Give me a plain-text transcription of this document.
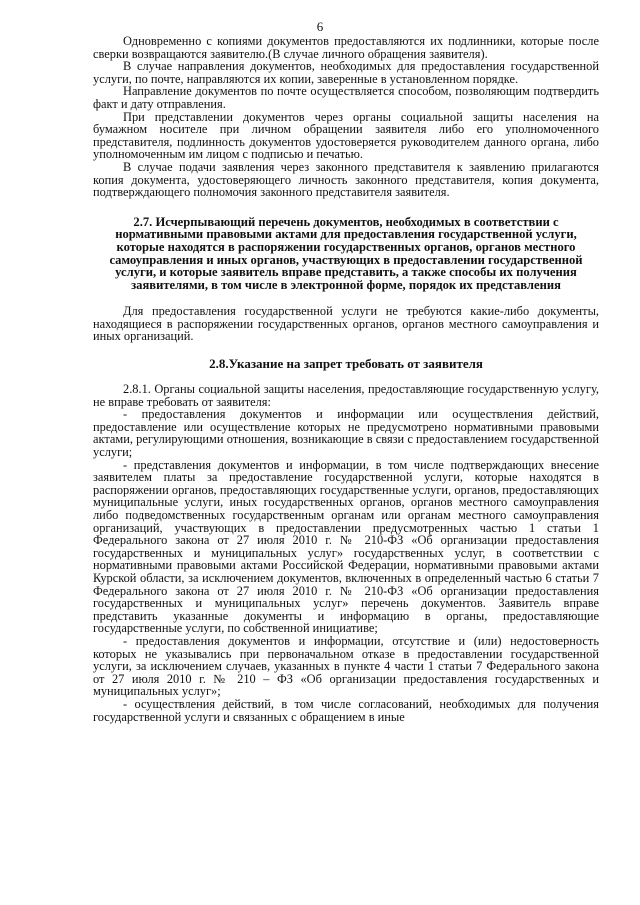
6

Одновременно с копиями документов предоставляются их подлинники, которые после сверки возвращаются заявителю.(В случае личного обращения заявителя).

В случае направления документов, необходимых для предоставления государственной услуги, по почте, направляются их копии, заверенные в установленном порядке.

Направление документов по почте осуществляется способом, позволяющим подтвердить факт и дату отправления.

При представлении документов через органы социальной защиты населения на бумажном носителе при личном обращении заявителя либо его уполномоченного представителя, подлинность документов удостоверяется руководителем данного органа, либо уполномоченным им лицом с подписью и печатью.

В случае подачи заявления через законного представителя к заявлению прилагаются копия документа, удостоверяющего личность законного представителя, копия документа, подтверждающего полномочия законного представителя заявителя.

2.7. Исчерпывающий перечень документов, необходимых в соответствии с нормативными правовыми актами для предоставления государственной услуги, которые находятся в распоряжении государственных органов, органов местного самоуправления и иных органов, участвующих в предоставлении государственной услуги, и которые заявитель вправе представить, а также способы их получения заявителями, в том числе в электронной форме, порядок их представления

Для предоставления государственной услуги не требуются какие-либо документы, находящиеся в распоряжении государственных органов, органов местного самоуправления и иных организаций.

2.8.Указание на запрет требовать от заявителя

2.8.1. Органы социальной защиты населения, предоставляющие государственную услугу, не вправе требовать от заявителя:

- предоставления документов и информации или осуществления действий, предоставление или осуществление которых не предусмотрено нормативными правовыми актами, регулирующими отношения, возникающие в связи с предоставлением государственной услуги;

- представления документов и информации, в том числе подтверждающих внесение заявителем платы за предоставление государственной услуги, которые находятся в распоряжении органов, предоставляющих государственные услуги, органов, предоставляющих муниципальные услуги, иных государственных органов, органов местного самоуправления либо подведомственных государственным органам или органам местного самоуправления организаций, участвующих в предоставлении предусмотренных частью 1 статьи 1 Федерального закона от 27 июля 2010 г. № 210-ФЗ «Об организации предоставления государственных и муниципальных услуг» государственных услуг, в соответствии с нормативными правовыми актами Российской Федерации, нормативными правовыми актами Курской области, за исключением документов, включенных в определенный частью 6 статьи 7 Федерального закона от 27 июля 2010 г. № 210-ФЗ «Об организации предоставления государственных и муниципальных услуг» перечень документов. Заявитель вправе представить указанные документы и информацию в органы, предоставляющие государственные услуги, по собственной инициативе;

- предоставления документов и информации, отсутствие и (или) недостоверность которых не указывались при первоначальном отказе в предоставлении государственной услуги, за исключением случаев, указанных в пункте 4 части 1 статьи 7 Федерального закона от 27 июля 2010 г. № 210 – ФЗ «Об организации предоставления государственных и муниципальных услуг»;

- осуществления действий, в том числе согласований, необходимых для получения государственной услуги и связанных с обращением в иные
